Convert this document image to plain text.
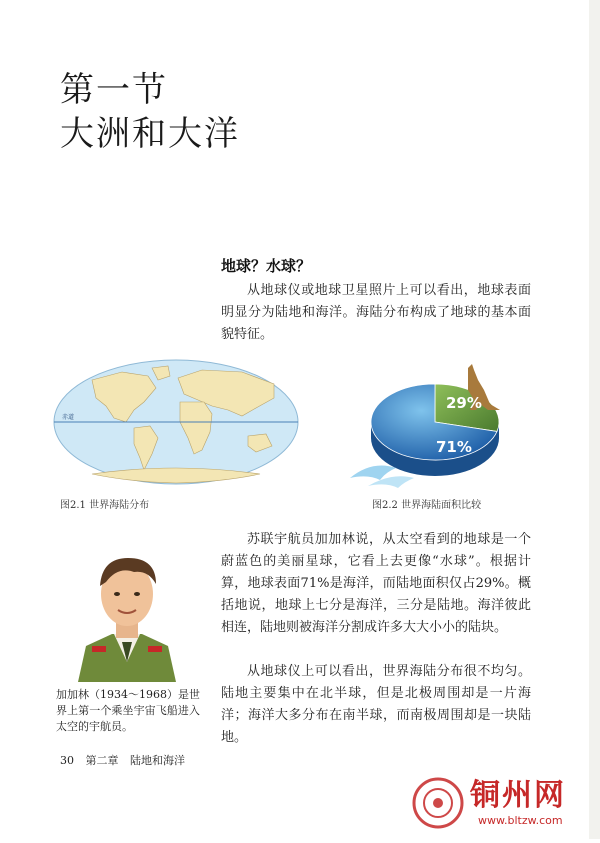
第一节
大洲和大洋
地球？水球？
从地球仪或地球卫星照片上可以看出，地球表面明显分为陆地和海洋。海陆分布构成了地球的基本面貌特征。
赤道
图2.1 世界海陆分布
29%
71%
图2.2 世界海陆面积比较
苏联宇航员加加林说，从太空看到的地球是一个蔚蓝色的美丽星球，它看上去更像“水球”。根据计算，地球表面71%是海洋，而陆地面积仅占29%。概括地说，地球上七分是海洋，三分是陆地。海洋彼此相连，陆地则被海洋分割成许多大大小小的陆块。
从地球仪上可以看出，世界海陆分布很不均匀。陆地主要集中在北半球，但是北极周围却是一片海洋；海洋大多分布在南半球，而南极周围却是一块陆地。
加加林（1934～1968）是世界上第一个乘坐宇宙飞船进入太空的宇航员。
30 第二章 陆地和海洋
铜州网
www.bltzw.com
